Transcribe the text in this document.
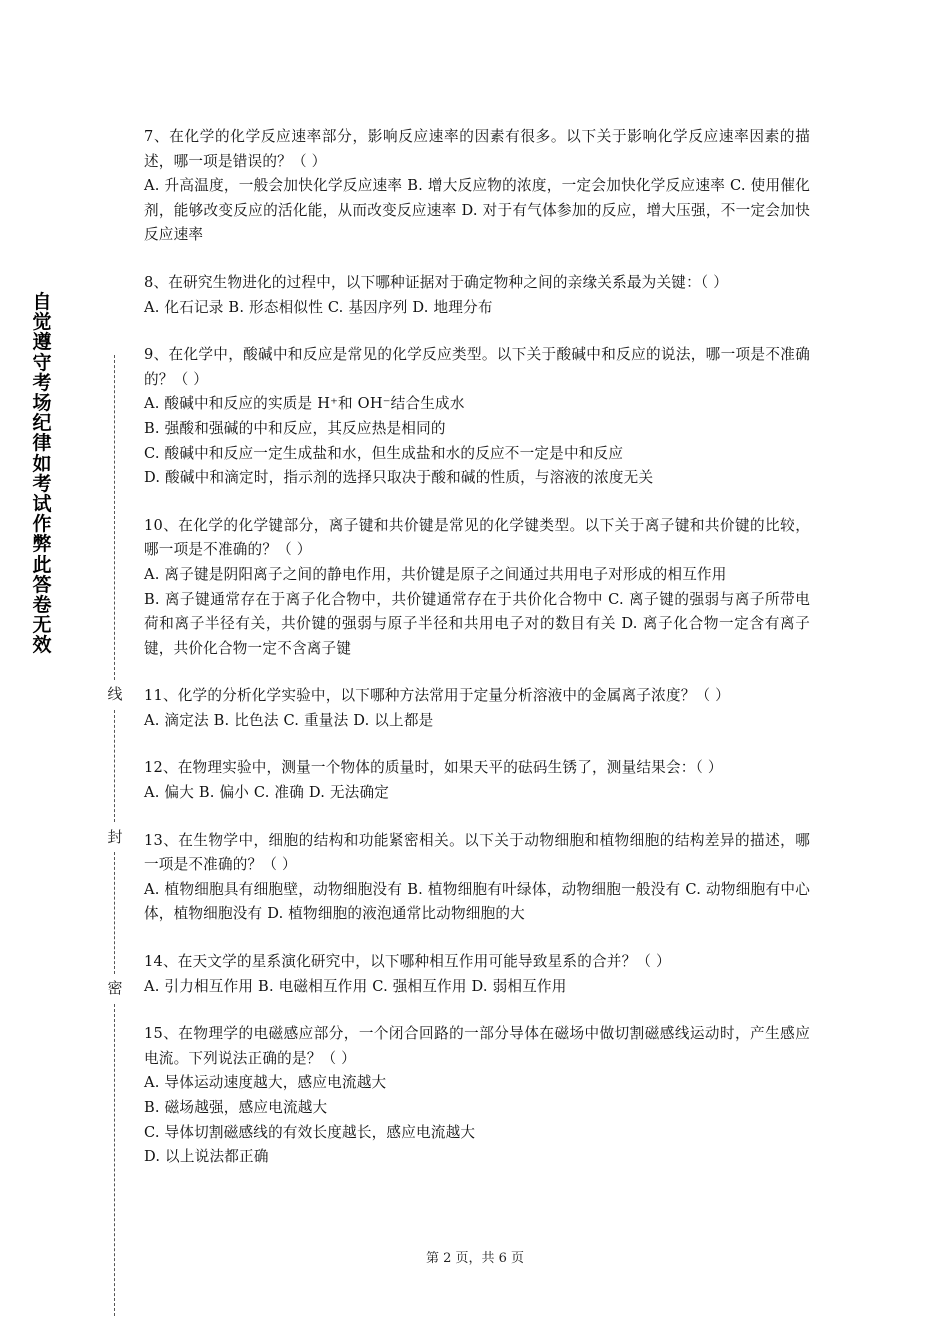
自觉遵守考场纪律如考试作弊此答卷无效
线
封
密
7、在化学的化学反应速率部分，影响反应速率的因素有很多。以下关于影响化学反应速率因素的描述，哪一项是错误的？（ ）
A. 升高温度，一般会加快化学反应速率 B. 增大反应物的浓度，一定会加快化学反应速率 C. 使用催化剂，能够改变反应的活化能，从而改变反应速率 D. 对于有气体参加的反应，增大压强，不一定会加快反应速率
8、在研究生物进化的过程中，以下哪种证据对于确定物种之间的亲缘关系最为关键：（ ）
A. 化石记录 B. 形态相似性 C. 基因序列 D. 地理分布
9、在化学中，酸碱中和反应是常见的化学反应类型。以下关于酸碱中和反应的说法，哪一项是不准确的？（ ）
A. 酸碱中和反应的实质是 H⁺和 OH⁻结合生成水
B. 强酸和强碱的中和反应，其反应热是相同的
C. 酸碱中和反应一定生成盐和水，但生成盐和水的反应不一定是中和反应
D. 酸碱中和滴定时，指示剂的选择只取决于酸和碱的性质，与溶液的浓度无关
10、在化学的化学键部分，离子键和共价键是常见的化学键类型。以下关于离子键和共价键的比较，哪一项是不准确的？（ ）
A. 离子键是阴阳离子之间的静电作用，共价键是原子之间通过共用电子对形成的相互作用
B. 离子键通常存在于离子化合物中，共价键通常存在于共价化合物中 C. 离子键的强弱与离子所带电荷和离子半径有关，共价键的强弱与原子半径和共用电子对的数目有关 D. 离子化合物一定含有离子键，共价化合物一定不含离子键
11、化学的分析化学实验中，以下哪种方法常用于定量分析溶液中的金属离子浓度？（ ）
A. 滴定法 B. 比色法 C. 重量法 D. 以上都是
12、在物理实验中，测量一个物体的质量时，如果天平的砝码生锈了，测量结果会：（ ）
A. 偏大 B. 偏小 C. 准确 D. 无法确定
13、在生物学中，细胞的结构和功能紧密相关。以下关于动物细胞和植物细胞的结构差异的描述，哪一项是不准确的？（ ）
A. 植物细胞具有细胞壁，动物细胞没有 B. 植物细胞有叶绿体，动物细胞一般没有 C. 动物细胞有中心体，植物细胞没有 D. 植物细胞的液泡通常比动物细胞的大
14、在天文学的星系演化研究中，以下哪种相互作用可能导致星系的合并？（ ）
A. 引力相互作用 B. 电磁相互作用 C. 强相互作用 D. 弱相互作用
15、在物理学的电磁感应部分，一个闭合回路的一部分导体在磁场中做切割磁感线运动时，产生感应电流。下列说法正确的是？（ ）
A. 导体运动速度越大，感应电流越大
B. 磁场越强，感应电流越大
C. 导体切割磁感线的有效长度越长，感应电流越大
D. 以上说法都正确
第 2 页，共 6 页
